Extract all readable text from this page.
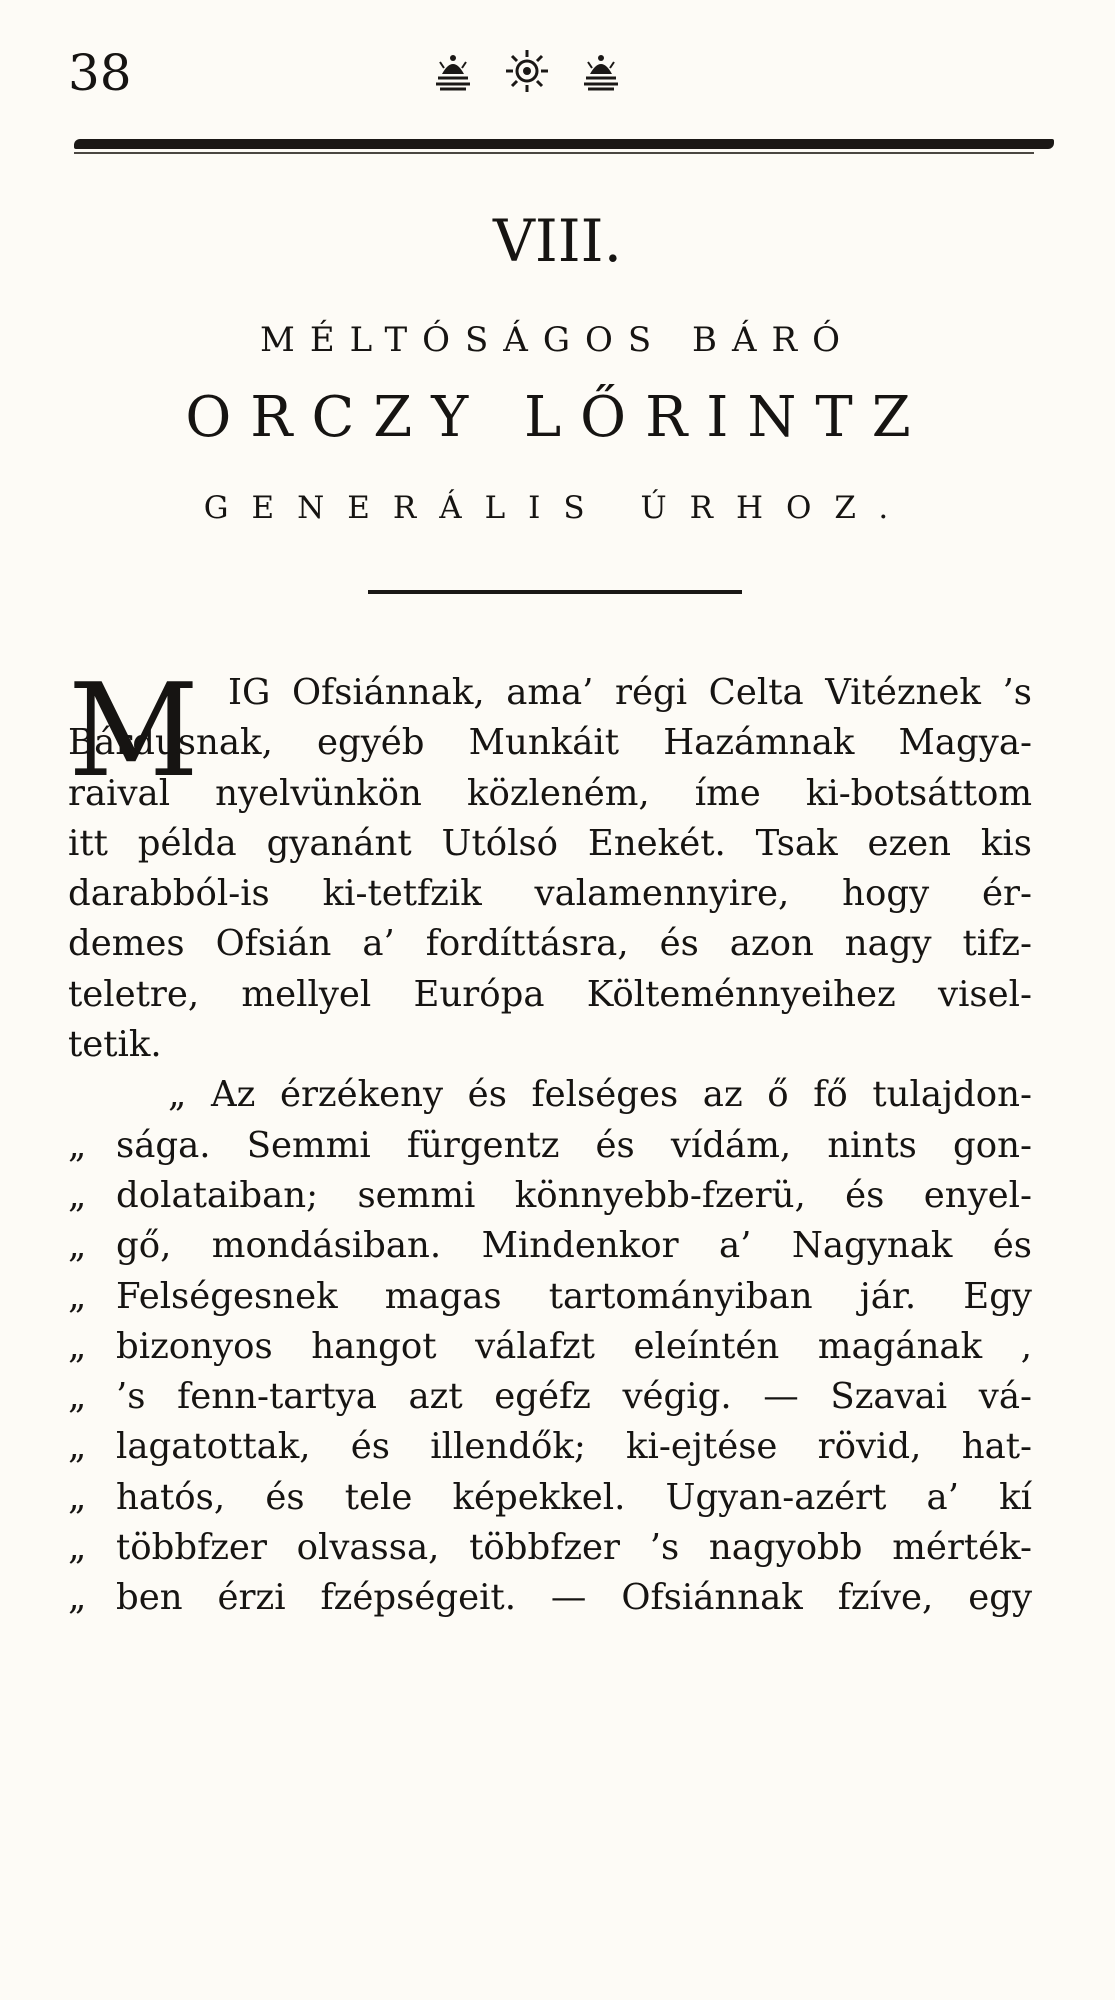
38
VIII.
MÉLTÓSÁGOS BÁRÓ
ORCZY LŐRINTZ
GENERÁLIS ÚRHOZ.
M IG Ofsiánnak, ama’ régi Celta Vitéznek ’s
Bárdusnak, egyéb Munkáit Hazámnak Magya-
raival nyelvünkön közleném, íme ki-botsáttom
itt példa gyanánt Utólsó Enekét. Tsak ezen kis
darabból-is ki-tetfzik valamennyire, hogy ér-
demes Ofsián a’ fordíttásra, és azon nagy tifz-
teletre, mellyel Európa Költeménnyeihez visel-
tetik.
„ Az érzékeny és felséges az ő fő tulajdon-
„ sága. Semmi fürgentz és vídám, nints gon-
„ dolataiban; semmi könnyebb-fzerü, és enyel-
„ gő, mondásiban. Mindenkor a’ Nagynak és
„ Felségesnek magas tartományiban jár. Egy
„ bizonyos hangot válafzt eleíntén magának ,
„ ’s fenn-tartya azt egéfz végig. — Szavai vá-
„ lagatottak, és illendők; ki-ejtése rövid, hat-
„ hatós, és tele képekkel. Ugyan-azért a’ kí
„ többfzer olvassa, többfzer ’s nagyobb mérték-
„ ben érzi fzépségeit. — Ofsiánnak fzíve, egy
